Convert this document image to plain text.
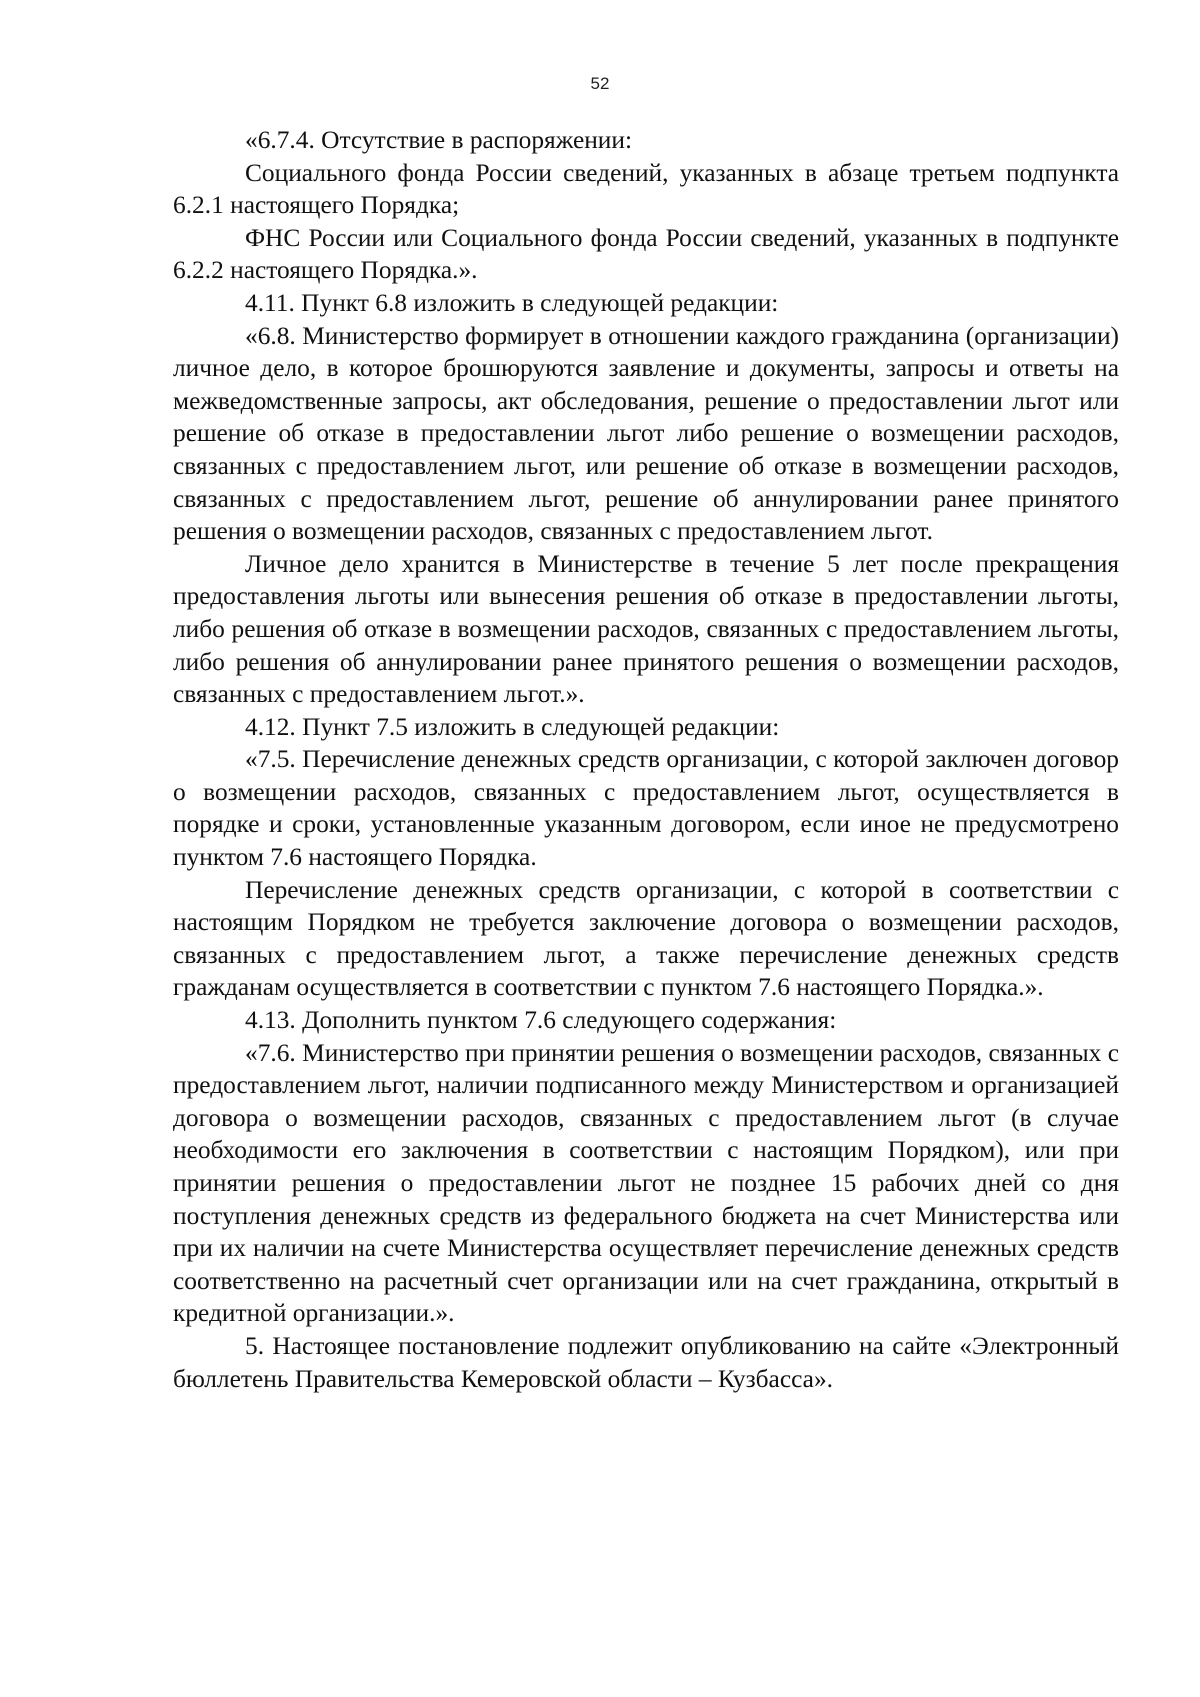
52

«6.7.4. Отсутствие в распоряжении:

Социального фонда России сведений, указанных в абзаце третьем подпункта 6.2.1 настоящего Порядка;

ФНС России или Социального фонда России сведений, указанных в подпункте 6.2.2 настоящего Порядка.».

4.11. Пункт 6.8 изложить в следующей редакции:

«6.8. Министерство формирует в отношении каждого гражданина (организации) личное дело, в которое брошюруются заявление и документы, запросы и ответы на межведомственные запросы, акт обследования, решение о предоставлении льгот или решение об отказе в предоставлении льгот либо решение о возмещении расходов, связанных с предоставлением льгот, или решение об отказе в возмещении расходов, связанных с предоставлением льгот, решение об аннулировании ранее принятого решения о возмещении расходов, связанных с предоставлением льгот.

Личное дело хранится в Министерстве в течение 5 лет после прекращения предоставления льготы или вынесения решения об отказе в предоставлении льготы, либо решения об отказе в возмещении расходов, связанных с предоставлением льготы, либо решения об аннулировании ранее принятого решения о возмещении расходов, связанных с предоставлением льгот.».

4.12. Пункт 7.5 изложить в следующей редакции:

«7.5. Перечисление денежных средств организации, с которой заключен договор о возмещении расходов, связанных с предоставлением льгот, осуществляется в порядке и сроки, установленные указанным договором, если иное не предусмотрено пунктом 7.6 настоящего Порядка.

Перечисление денежных средств организации, с которой в соответствии с настоящим Порядком не требуется заключение договора о возмещении расходов, связанных с предоставлением льгот, а также перечисление денежных средств гражданам осуществляется в соответствии с пунктом 7.6 настоящего Порядка.».

4.13. Дополнить пунктом 7.6 следующего содержания:

«7.6. Министерство при принятии решения о возмещении расходов, связанных с предоставлением льгот, наличии подписанного между Министерством и организацией договора о возмещении расходов, связанных с предоставлением льгот (в случае необходимости его заключения в соответствии с настоящим Порядком), или при принятии решения о предоставлении льгот не позднее 15 рабочих дней со дня поступления денежных средств из федерального бюджета на счет Министерства или при их наличии на счете Министерства осуществляет перечисление денежных средств соответственно на расчетный счет организации или на счет гражданина, открытый в кредитной организации.».

5. Настоящее постановление подлежит опубликованию на сайте «Электронный бюллетень Правительства Кемеровской области – Кузбасса».
